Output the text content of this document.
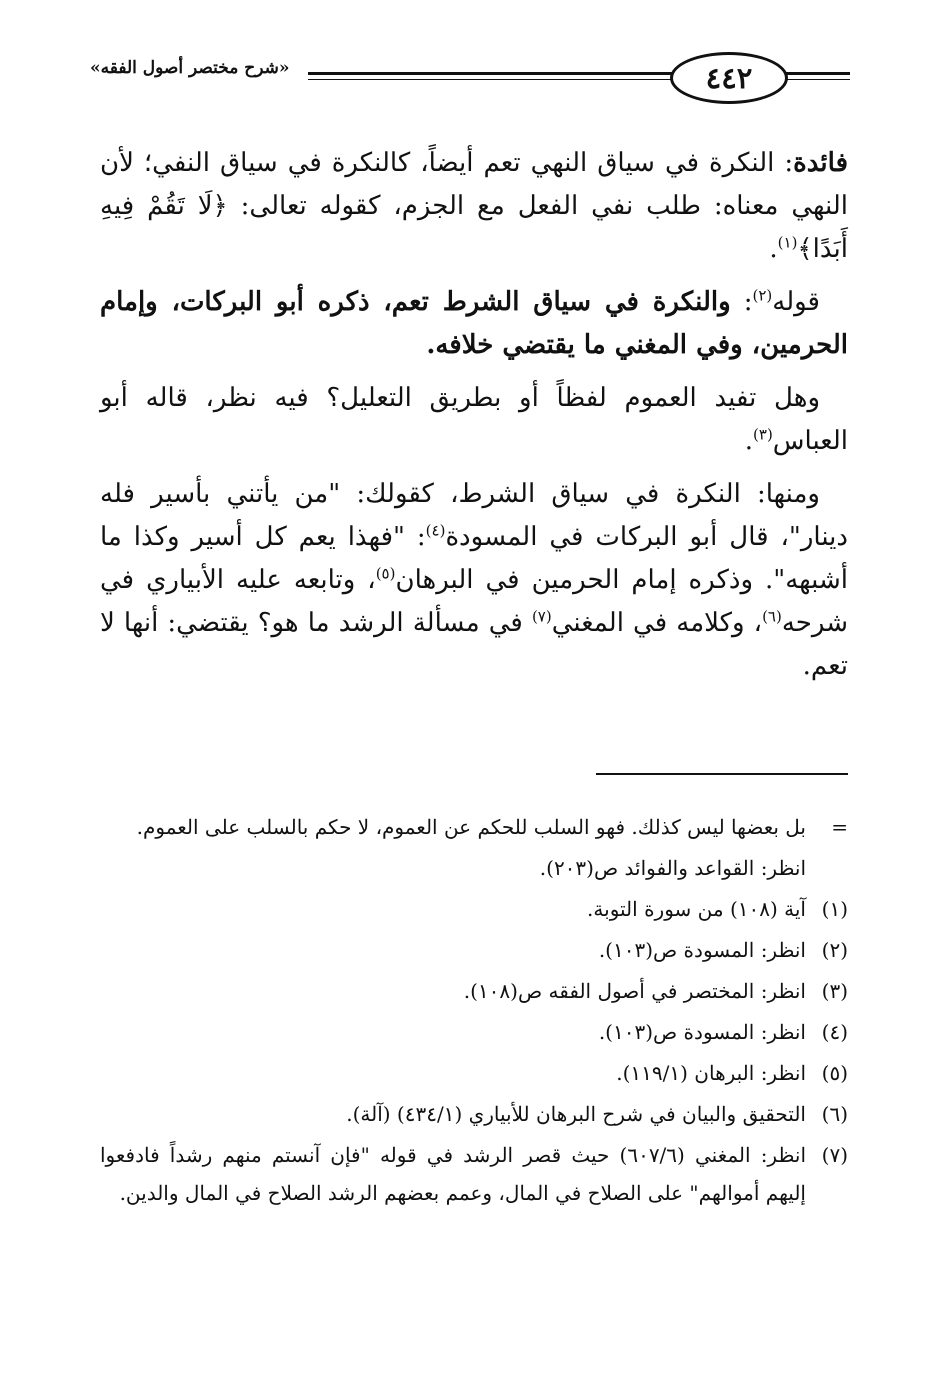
٤٤٢
«شرح مختصر أصول الفقه»

فائدة: النكرة في سياق النهي تعم أيضاً، كالنكرة في سياق النفي؛ لأن النهي معناه: طلب نفي الفعل مع الجزم، كقوله تعالى: ﴿لَا تَقُمْ فِيهِ أَبَدًا﴾$^{(١)}$.

قوله$^{(٢)}$: والنكرة في سياق الشرط تعم، ذكره أبو البركات، وإمام الحرمين، وفي المغني ما يقتضي خلافه.

وهل تفيد العموم لفظاً أو بطريق التعليل؟ فيه نظر، قاله أبو العباس$^{(٣)}$.

ومنها: النكرة في سياق الشرط، كقولك: "من يأتني بأسير فله دينار"، قال أبو البركات في المسودة$^{(٤)}$: "فهذا يعم كل أسير وكذا ما أشبهه". وذكره إمام الحرمين في البرهان$^{(٥)}$، وتابعه عليه الأبياري في شرحه$^{(٦)}$، وكلامه في المغني$^{(٧)}$ في مسألة الرشد ما هو؟ يقتضي: أنها لا تعم.

=
بل بعضها ليس كذلك. فهو السلب للحكم عن العموم، لا حكم بالسلب على العموم.
انظر: القواعد والفوائد ص(٢٠٣).
(١)
آية (١٠٨) من سورة التوبة.
(٢)
انظر: المسودة ص(١٠٣).
(٣)
انظر: المختصر في أصول الفقه ص(١٠٨).
(٤)
انظر: المسودة ص(١٠٣).
(٥)
انظر: البرهان (١١٩/١).
(٦)
التحقيق والبيان في شرح البرهان للأبياري (٤٣٤/١) (آلة).
(٧)
انظر: المغني (٦٠٧/٦) حيث قصر الرشد في قوله "فإن آنستم منهم رشداً فادفعوا إليهم أموالهم" على الصلاح في المال، وعمم بعضهم الرشد الصلاح في المال والدين.
